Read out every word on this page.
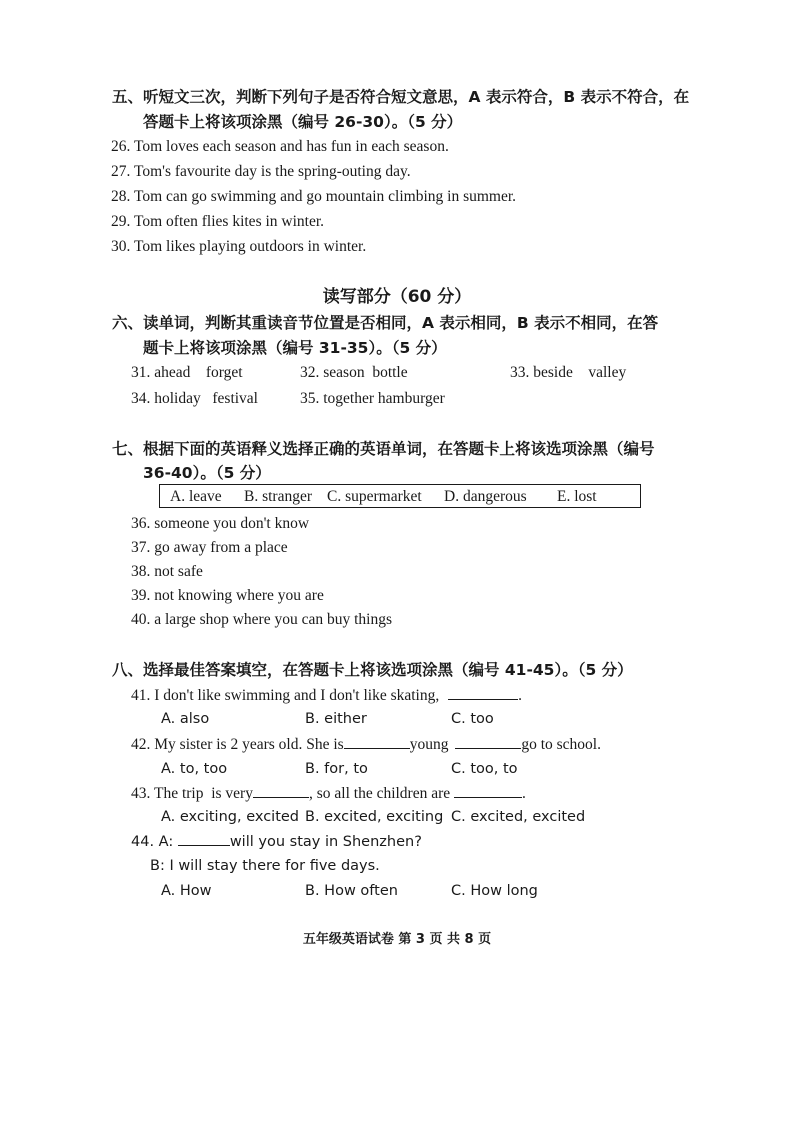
五、听短文三次，判断下列句子是否符合短文意思，A 表示符合，B 表示不符合，在
答题卡上将该项涂黑（编号 26-30）。（5 分）
26. Tom loves each season and has fun in each season.
27. Tom's favourite day is the spring-outing day.
28. Tom can go swimming and go mountain climbing in summer.
29. Tom often flies kites in winter.
30. Tom likes playing outdoors in winter.
读写部分（60 分）
六、读单词，判断其重读音节位置是否相同，A 表示相同，B 表示不相同，在答
题卡上将该项涂黑（编号 31-35）。（5 分）
31. ahead    forget	32. season  bottle	33. beside    valley
34. holiday   festival	35. together hamburger
七、根据下面的英语释义选择正确的英语单词，在答题卡上将该选项涂黑（编号
36-40）。（5 分）
A. leave B. stranger C. supermarket D. dangerous E. lost
36. someone you don't know
37. go away from a place
38. not safe
39. not knowing where you are
40. a large shop where you can buy things
八、选择最佳答案填空，在答题卡上将该选项涂黑（编号 41-45）。（5 分）
41. I don't like swimming and I don't like skating,	.
A. also	B. either	C. too
42. My sister is 2 years old. She is	young	go to school.
A. to, too	B. for, to	C. too, to
43. The trip  is very	, so all the children are	.
A. exciting, excited B. excited, exciting C. excited, excited
44. A:	will you stay in Shenzhen?
B: I will stay there for five days.
A. How	B. How often	C. How long
五年级英语试卷 第 3 页 共 8 页
